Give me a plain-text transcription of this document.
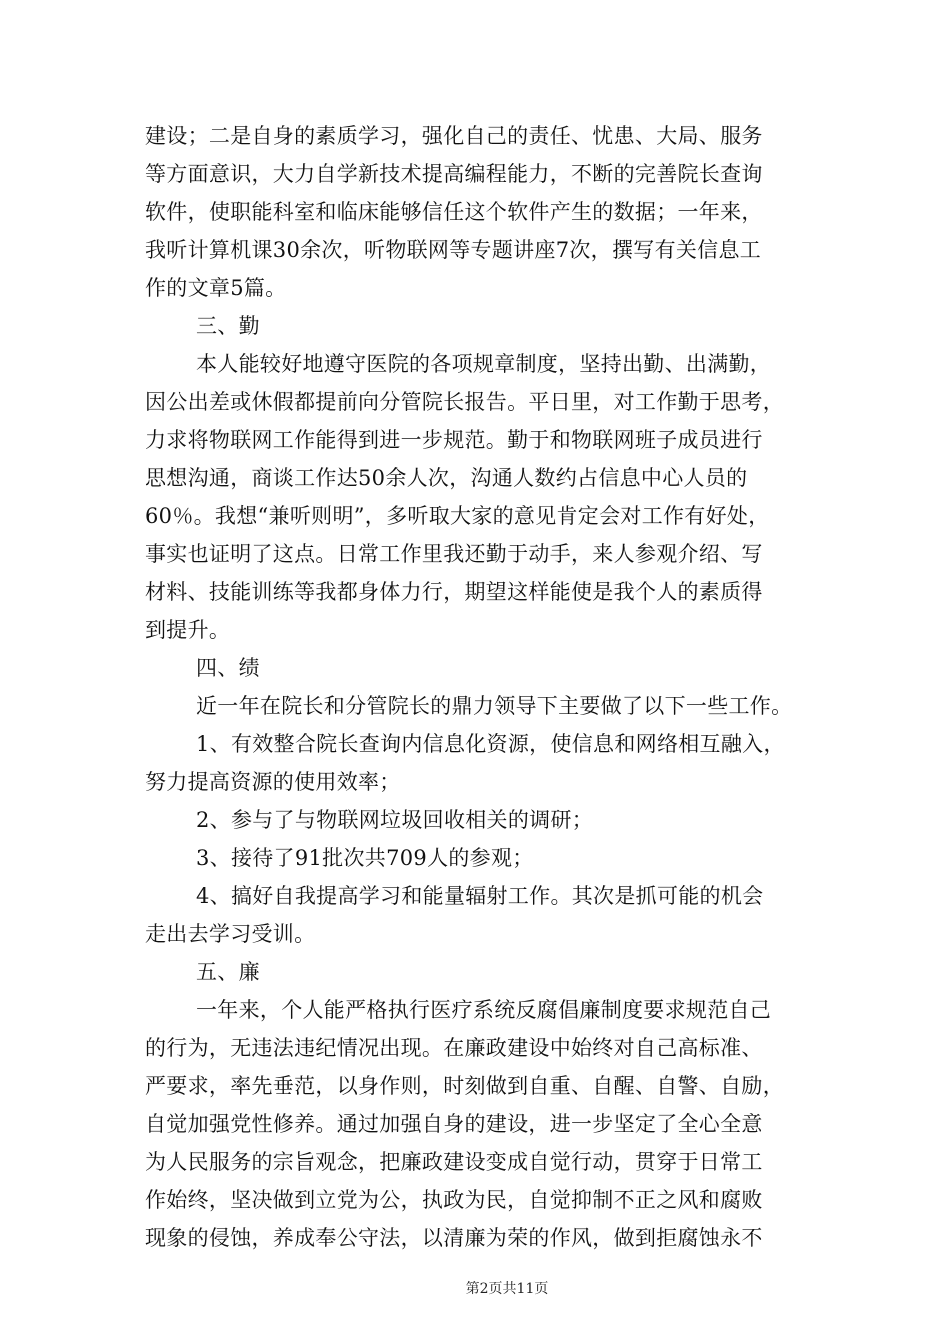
建设；二是自身的素质学习，强化自己的责任、忧患、大局、服务
等方面意识，大力自学新技术提高编程能力，不断的完善院长查询
软件，使职能科室和临床能够信任这个软件产生的数据；一年来，
我听计算机课30余次，听物联网等专题讲座7次，撰写有关信息工
作的文章5篇。
三、勤
本人能较好地遵守医院的各项规章制度，坚持出勤、出满勤，
因公出差或休假都提前向分管院长报告。平日里，对工作勤于思考，
力求将物联网工作能得到进一步规范。勤于和物联网班子成员进行
思想沟通，商谈工作达50余人次，沟通人数约占信息中心人员的
60％。我想“兼听则明”，多听取大家的意见肯定会对工作有好处，
事实也证明了这点。日常工作里我还勤于动手，来人参观介绍、写
材料、技能训练等我都身体力行，期望这样能使是我个人的素质得
到提升。
四、绩
近一年在院长和分管院长的鼎力领导下主要做了以下一些工作。
1、有效整合院长查询内信息化资源，使信息和网络相互融入，
努力提高资源的使用效率；
2、参与了与物联网垃圾回收相关的调研；
3、接待了91批次共709人的参观；
4、搞好自我提高学习和能量辐射工作。其次是抓可能的机会
走出去学习受训。
五、廉
一年来，个人能严格执行医疗系统反腐倡廉制度要求规范自己
的行为，无违法违纪情况出现。在廉政建设中始终对自己高标准、
严要求，率先垂范，以身作则，时刻做到自重、自醒、自警、自励，
自觉加强党性修养。通过加强自身的建设，进一步坚定了全心全意
为人民服务的宗旨观念，把廉政建设变成自觉行动，贯穿于日常工
作始终，坚决做到立党为公，执政为民，自觉抑制不正之风和腐败
现象的侵蚀，养成奉公守法，以清廉为荣的作风，做到拒腐蚀永不
第2页共11页
